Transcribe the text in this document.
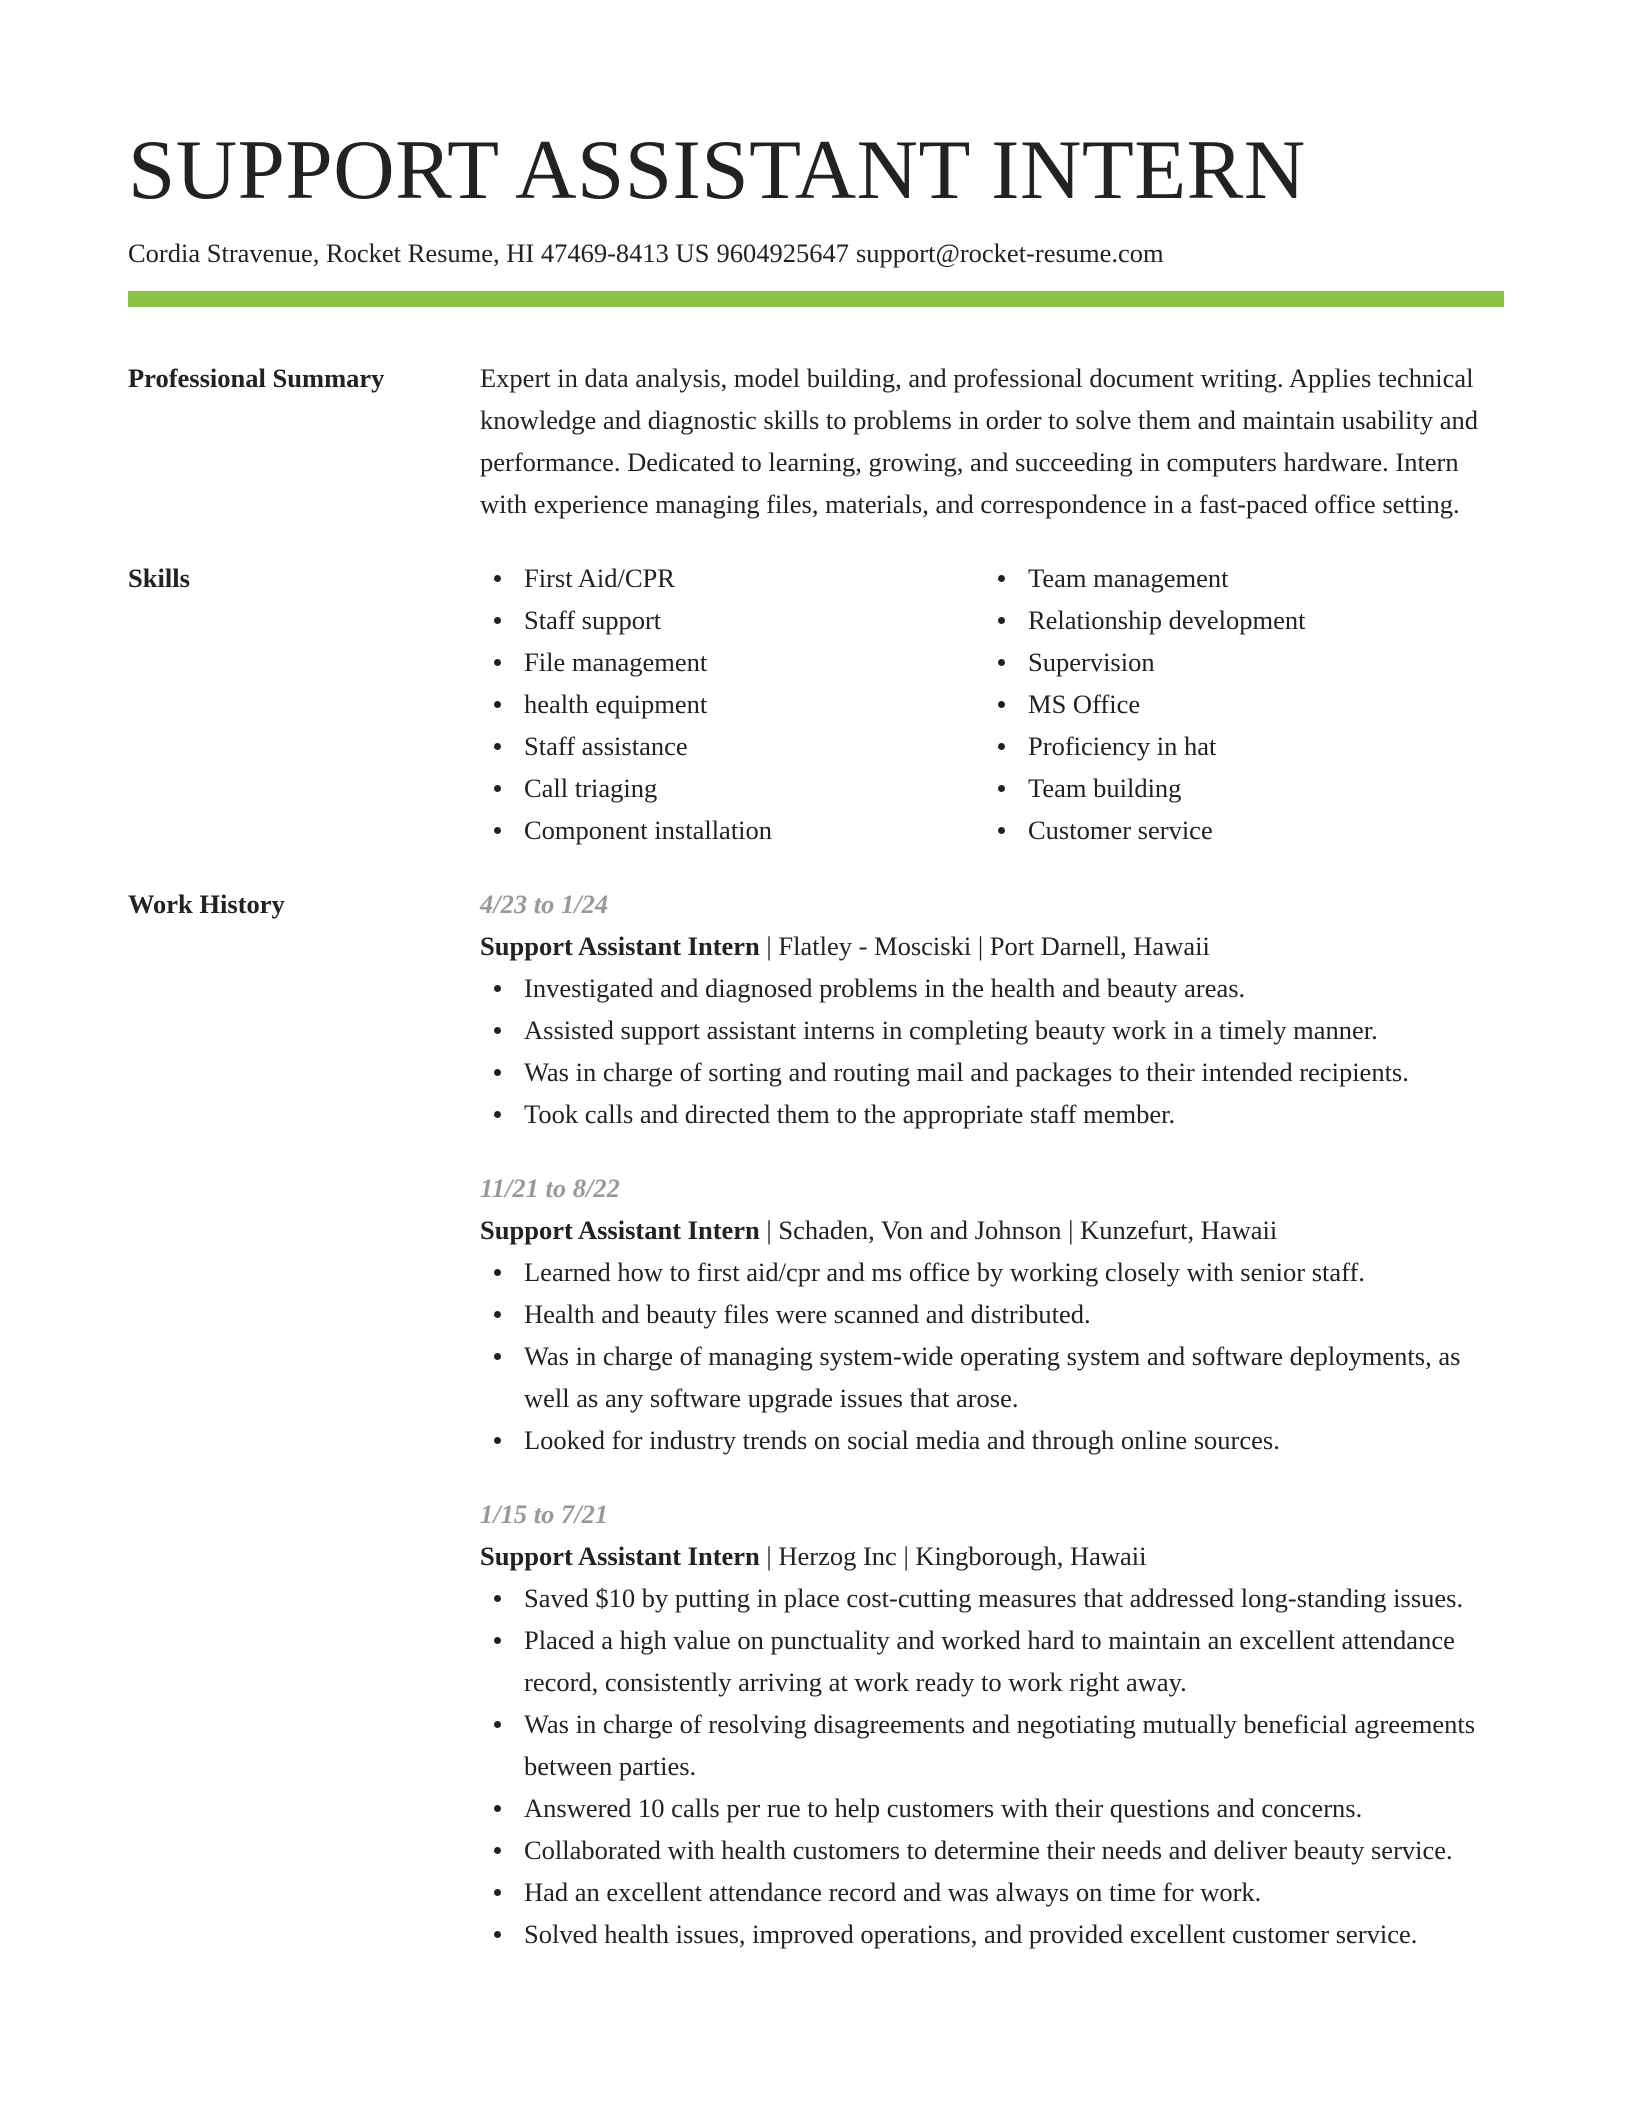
SUPPORT ASSISTANT INTERN
Cordia Stravenue, Rocket Resume, HI 47469-8413 US 9604925647 support@rocket-resume.com
Professional Summary	Expert in data analysis, model building, and professional document writing. Applies technical knowledge and diagnostic skills to problems in order to solve them and maintain usability and performance. Dedicated to learning, growing, and succeeding in computers hardware. Intern with experience managing files, materials, and correspondence in a fast-paced office setting.
Skills	First Aid/CPR
Staff support
File management
health equipment
Staff assistance
Call triaging
Component installation
Team management
Relationship development
Supervision
MS Office
Proficiency in hat
Team building
Customer service
Work History	4/23 to 1/24
Support Assistant Intern | Flatley - Mosciski | Port Darnell, Hawaii
Investigated and diagnosed problems in the health and beauty areas.
Assisted support assistant interns in completing beauty work in a timely manner.
Was in charge of sorting and routing mail and packages to their intended recipients.
Took calls and directed them to the appropriate staff member.
11/21 to 8/22
Support Assistant Intern | Schaden, Von and Johnson | Kunzefurt, Hawaii
Learned how to first aid/cpr and ms office by working closely with senior staff.
Health and beauty files were scanned and distributed.
Was in charge of managing system-wide operating system and software deployments, as well as any software upgrade issues that arose.
Looked for industry trends on social media and through online sources.
1/15 to 7/21
Support Assistant Intern | Herzog Inc | Kingborough, Hawaii
Saved $10 by putting in place cost-cutting measures that addressed long-standing issues.
Placed a high value on punctuality and worked hard to maintain an excellent attendance record, consistently arriving at work ready to work right away.
Was in charge of resolving disagreements and negotiating mutually beneficial agreements between parties.
Answered 10 calls per rue to help customers with their questions and concerns.
Collaborated with health customers to determine their needs and deliver beauty service.
Had an excellent attendance record and was always on time for work.
Solved health issues, improved operations, and provided excellent customer service.
